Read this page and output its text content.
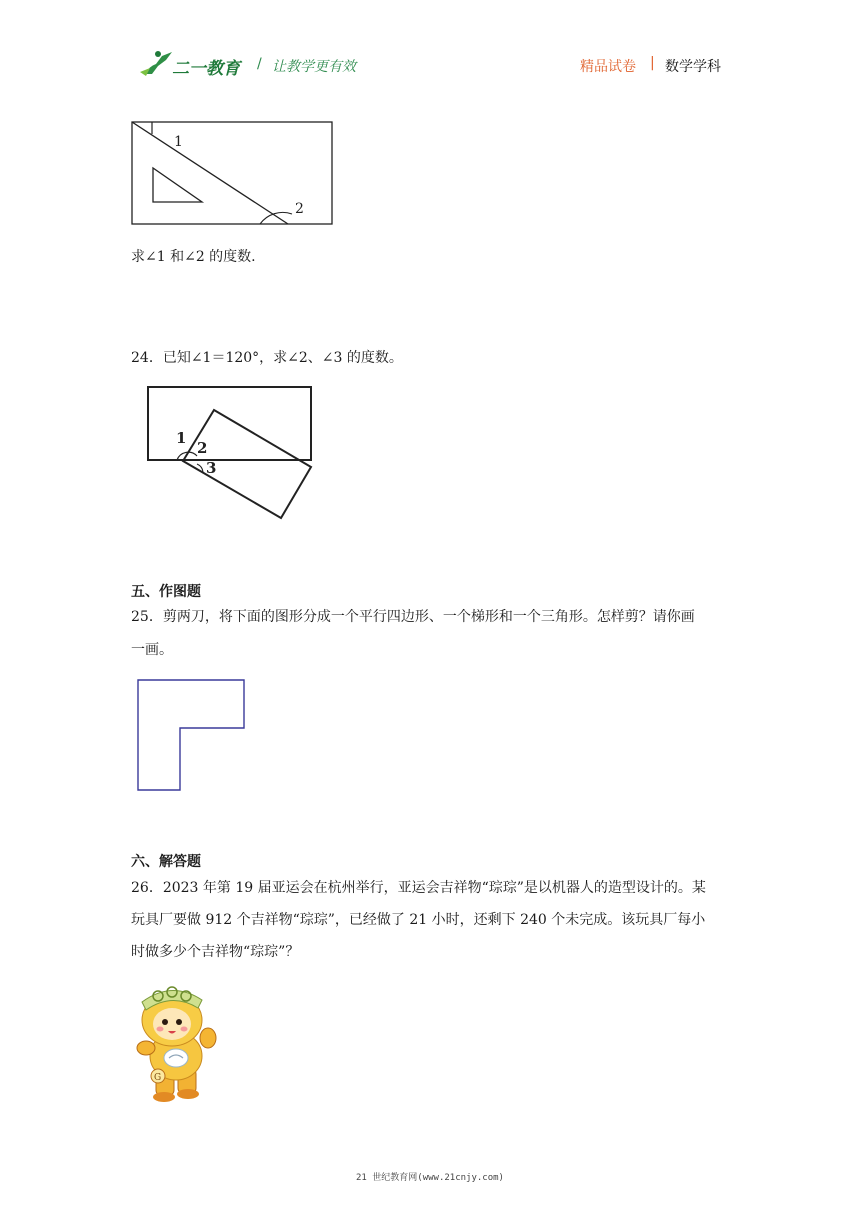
二一教育 / 让教学更有效	精品试卷 | 数学学科
1
2
求∠1 和∠2 的度数.
24．已知∠1＝120°，求∠2、∠3 的度数。
1
2
3
五、作图题
25．剪两刀，将下面的图形分成一个平行四边形、一个梯形和一个三角形。怎样剪？请你画
一画。
六、解答题
26．2023 年第 19 届亚运会在杭州举行，亚运会吉祥物“琮琮”是以机器人的造型设计的。某
玩具厂要做 912 个吉祥物“琮琮”，已经做了 21 小时，还剩下 240 个未完成。该玩具厂每小
时做多少个吉祥物“琮琮”？
G
21 世纪教育网(www.21cnjy.com)
